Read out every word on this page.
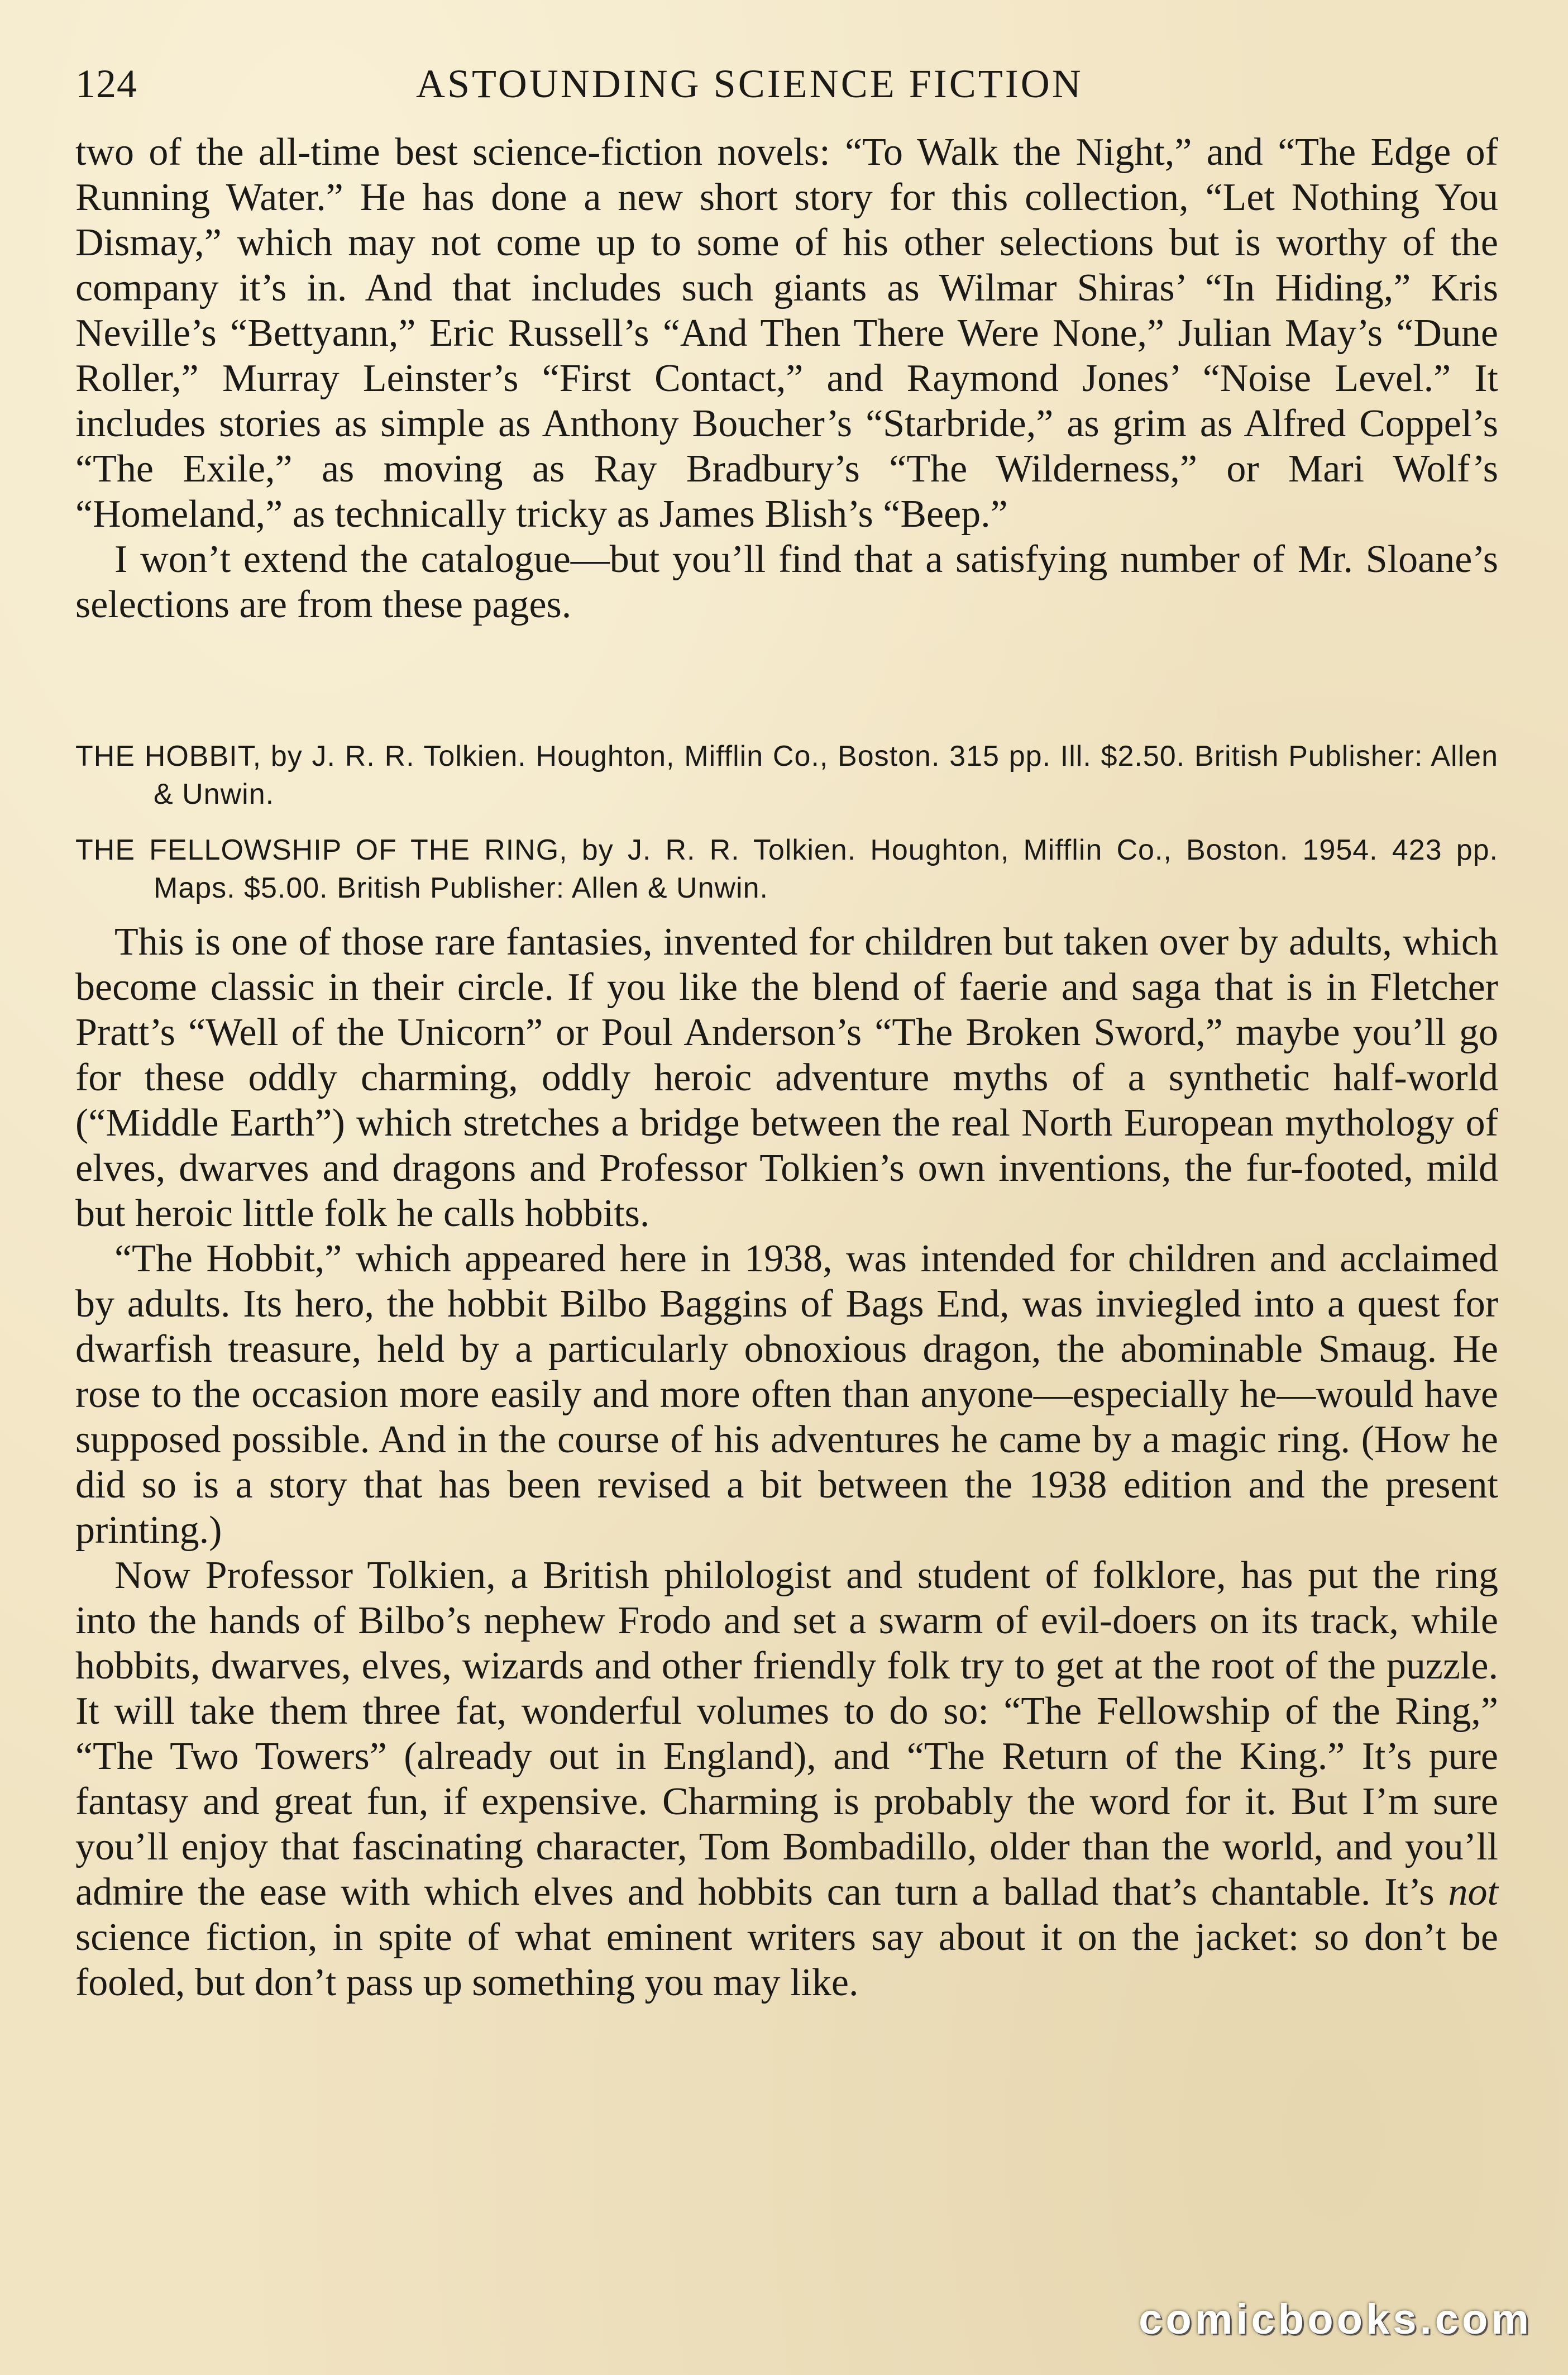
124	ASTOUNDING SCIENCE FICTION

two of the all-time best science-fiction novels: “To Walk the Night,” and “The Edge of Running Water.” He has done a new short story for this collection, “Let Nothing You Dismay,” which may not come up to some of his other selections but is worthy of the company it’s in. And that includes such giants as Wilmar Shiras’ “In Hiding,” Kris Neville’s “Bettyann,” Eric Russell’s “And Then There Were None,” Julian May’s “Dune Roller,” Murray Leinster’s “First Contact,” and Raymond Jones’ “Noise Level.” It includes stories as simple as Anthony Boucher’s “Starbride,” as grim as Alfred Coppel’s “The Exile,” as moving as Ray Bradbury’s “The Wilderness,” or Mari Wolf’s “Homeland,” as technically tricky as James Blish’s “Beep.”

I won’t extend the catalogue—but you’ll find that a satisfying number of Mr. Sloane’s selections are from these pages.

THE HOBBIT, by J. R. R. Tolkien. Houghton, Mifflin Co., Boston. 315 pp. Ill. $2.50. British Publisher: Allen & Unwin.

THE FELLOWSHIP OF THE RING, by J. R. R. Tolkien. Houghton, Mifflin Co., Boston. 1954. 423 pp. Maps. $5.00. British Publisher: Allen & Unwin.

This is one of those rare fantasies, invented for children but taken over by adults, which become classic in their circle. If you like the blend of faerie and saga that is in Fletcher Pratt’s “Well of the Unicorn” or Poul Anderson’s “The Broken Sword,” maybe you’ll go for these oddly charming, oddly heroic adventure myths of a synthetic half-world (“Middle Earth”) which stretches a bridge between the real North European mythology of elves, dwarves and dragons and Professor Tolkien’s own inventions, the fur-footed, mild but heroic little folk he calls hobbits.

“The Hobbit,” which appeared here in 1938, was intended for children and acclaimed by adults. Its hero, the hobbit Bilbo Baggins of Bags End, was inviegled into a quest for dwarfish treasure, held by a particularly obnoxious dragon, the abominable Smaug. He rose to the occasion more easily and more often than anyone—especially he—would have supposed possible. And in the course of his adventures he came by a magic ring. (How he did so is a story that has been revised a bit between the 1938 edition and the present printing.)

Now Professor Tolkien, a British philologist and student of folklore, has put the ring into the hands of Bilbo’s nephew Frodo and set a swarm of evil-doers on its track, while hobbits, dwarves, elves, wizards and other friendly folk try to get at the root of the puzzle. It will take them three fat, wonderful volumes to do so: “The Fellowship of the Ring,” “The Two Towers” (already out in England), and “The Return of the King.” It’s pure fantasy and great fun, if expensive. Charming is probably the word for it. But I’m sure you’ll enjoy that fascinating character, Tom Bombadillo, older than the world, and you’ll admire the ease with which elves and hobbits can turn a ballad that’s chantable. It’s not science fiction, in spite of what eminent writers say about it on the jacket: so don’t be fooled, but don’t pass up something you may like.

comicbooks.com
